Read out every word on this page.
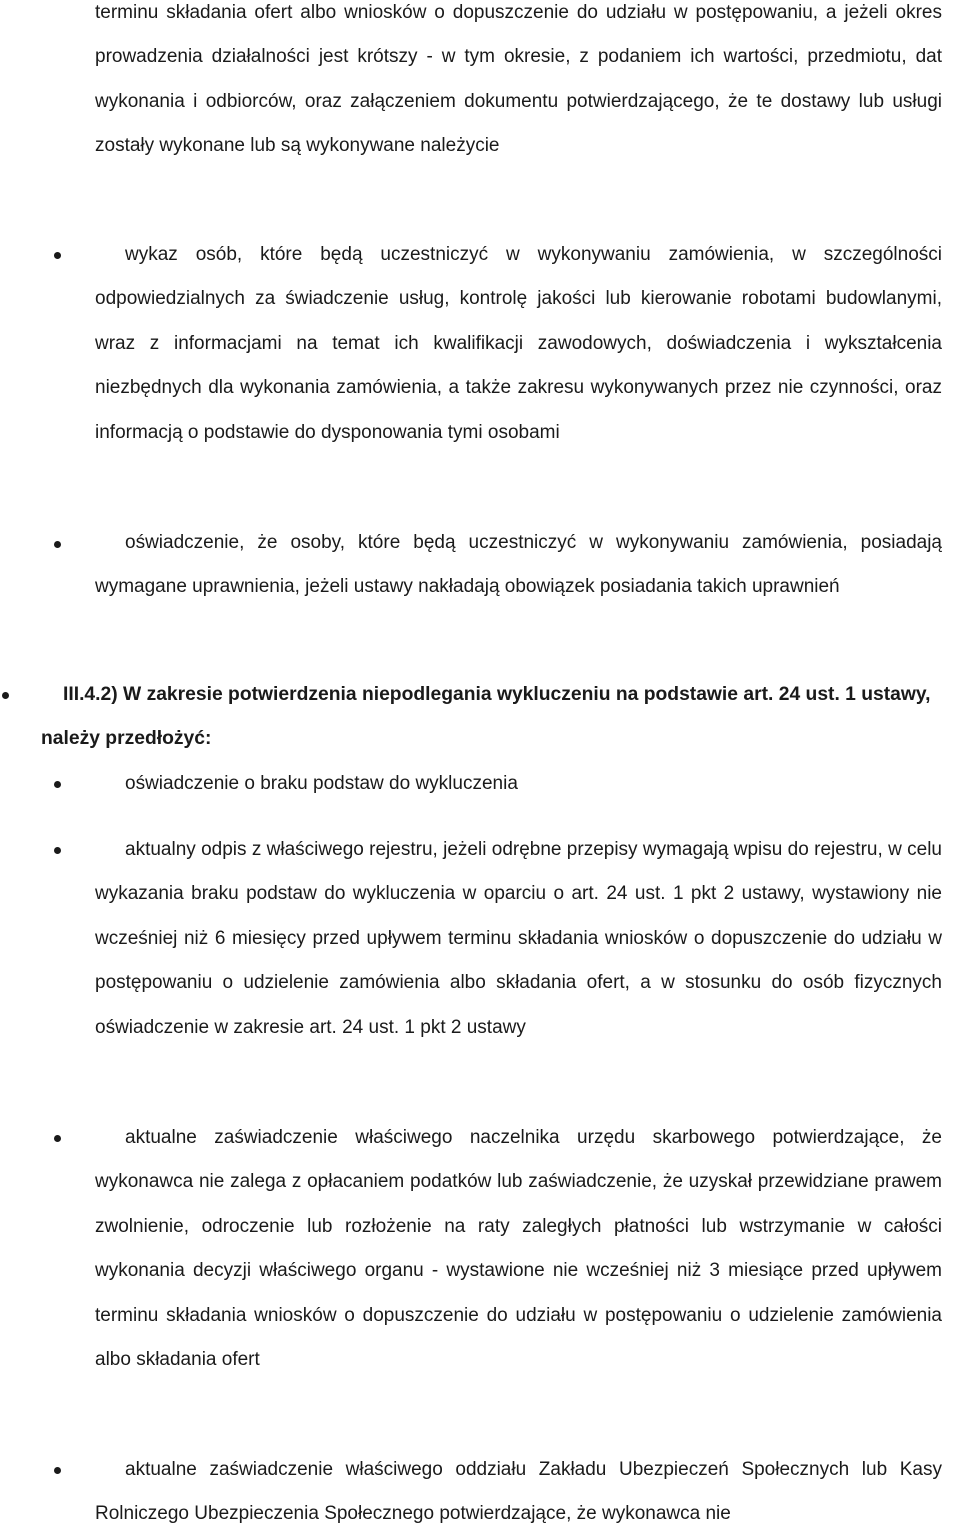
terminu składania ofert albo wniosków o dopuszczenie do udziału w postępowaniu, a jeżeli okres prowadzenia działalności jest krótszy - w tym okresie, z podaniem ich wartości, przedmiotu, dat wykonania i odbiorców, oraz załączeniem dokumentu potwierdzającego, że te dostawy lub usługi zostały wykonane lub są wykonywane należycie
wykaz osób, które będą uczestniczyć w wykonywaniu zamówienia, w szczególności odpowiedzialnych za świadczenie usług, kontrolę jakości lub kierowanie robotami budowlanymi, wraz z informacjami na temat ich kwalifikacji zawodowych, doświadczenia i wykształcenia niezbędnych dla wykonania zamówienia, a także zakresu wykonywanych przez nie czynności, oraz informacją o podstawie do dysponowania tymi osobami
oświadczenie, że osoby, które będą uczestniczyć w wykonywaniu zamówienia, posiadają wymagane uprawnienia, jeżeli ustawy nakładają obowiązek posiadania takich uprawnień
III.4.2) W zakresie potwierdzenia niepodlegania wykluczeniu na podstawie art. 24 ust. 1 ustawy, należy przedłożyć:
oświadczenie o braku podstaw do wykluczenia
aktualny odpis z właściwego rejestru, jeżeli odrębne przepisy wymagają wpisu do rejestru, w celu wykazania braku podstaw do wykluczenia w oparciu o art. 24 ust. 1 pkt 2 ustawy, wystawiony nie wcześniej niż 6 miesięcy przed upływem terminu składania wniosków o dopuszczenie do udziału w postępowaniu o udzielenie zamówienia albo składania ofert, a w stosunku do osób fizycznych oświadczenie w zakresie art. 24 ust. 1 pkt 2 ustawy
aktualne zaświadczenie właściwego naczelnika urzędu skarbowego potwierdzające, że wykonawca nie zalega z opłacaniem podatków lub zaświadczenie, że uzyskał przewidziane prawem zwolnienie, odroczenie lub rozłożenie na raty zaległych płatności lub wstrzymanie w całości wykonania decyzji właściwego organu - wystawione nie wcześniej niż 3 miesiące przed upływem terminu składania wniosków o dopuszczenie do udziału w postępowaniu o udzielenie zamówienia albo składania ofert
aktualne zaświadczenie właściwego oddziału Zakładu Ubezpieczeń Społecznych lub Kasy Rolniczego Ubezpieczenia Społecznego potwierdzające, że wykonawca nie
